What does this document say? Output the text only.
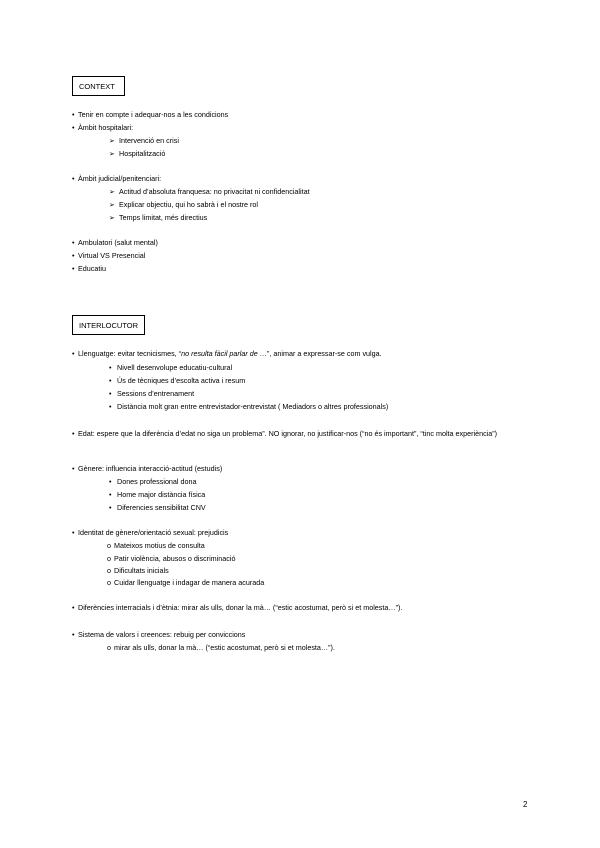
CONTEXT
• Tenir en compte i adequar-nos a les condicions
• Àmbit hospitalari:
➢ Intervenció en crisi
➢ Hospitalització
• Àmbit judicial/penitenciari:
➢ Actitud d’absoluta franquesa: no privacitat ni confidencialitat
➢ Explicar objectiu, qui ho sabrà i el nostre rol
➢ Temps limitat, més directius
• Ambulatori (salut mental)
• Virtual VS Presencial
• Educatiu
INTERLOCUTOR
• Llenguatge: evitar tecnicismes, “no resulta fàcil parlar de …”, animar a expressar-se com vulga.
• Nivell desenvolupe educatiu-cultural
• Ús de tècniques d’escolta activa i resum
• Sessions d’entrenament
• Distància molt gran entre entrevistador-entrevistat ( Mediadors o altres professionals)
• Edat: espere que la diferència d’edat no siga un problema”. NO ignorar, no justificar-nos (“no és important”, “tinc molta experiència”)
• Gènere: influencia interacció-actitud (estudis)
• Dones professional dona
• Home major distància física
• Diferencies sensibilitat CNV
• Identitat de gènere/orientació sexual: prejudicis
o Mateixos motius de consulta
o Patir violència, abusos o discriminació
o Dificultats inicials
o Cuidar llenguatge i indagar de manera acurada
• Diferències interracials i d’ètnia: mirar als ulls, donar la mà… (“estic acostumat, però si et molesta…”).
• Sistema de valors i creences: rebuig per conviccions
o mirar als ulls, donar la mà… (“estic acostumat, però si et molesta…”).
2
